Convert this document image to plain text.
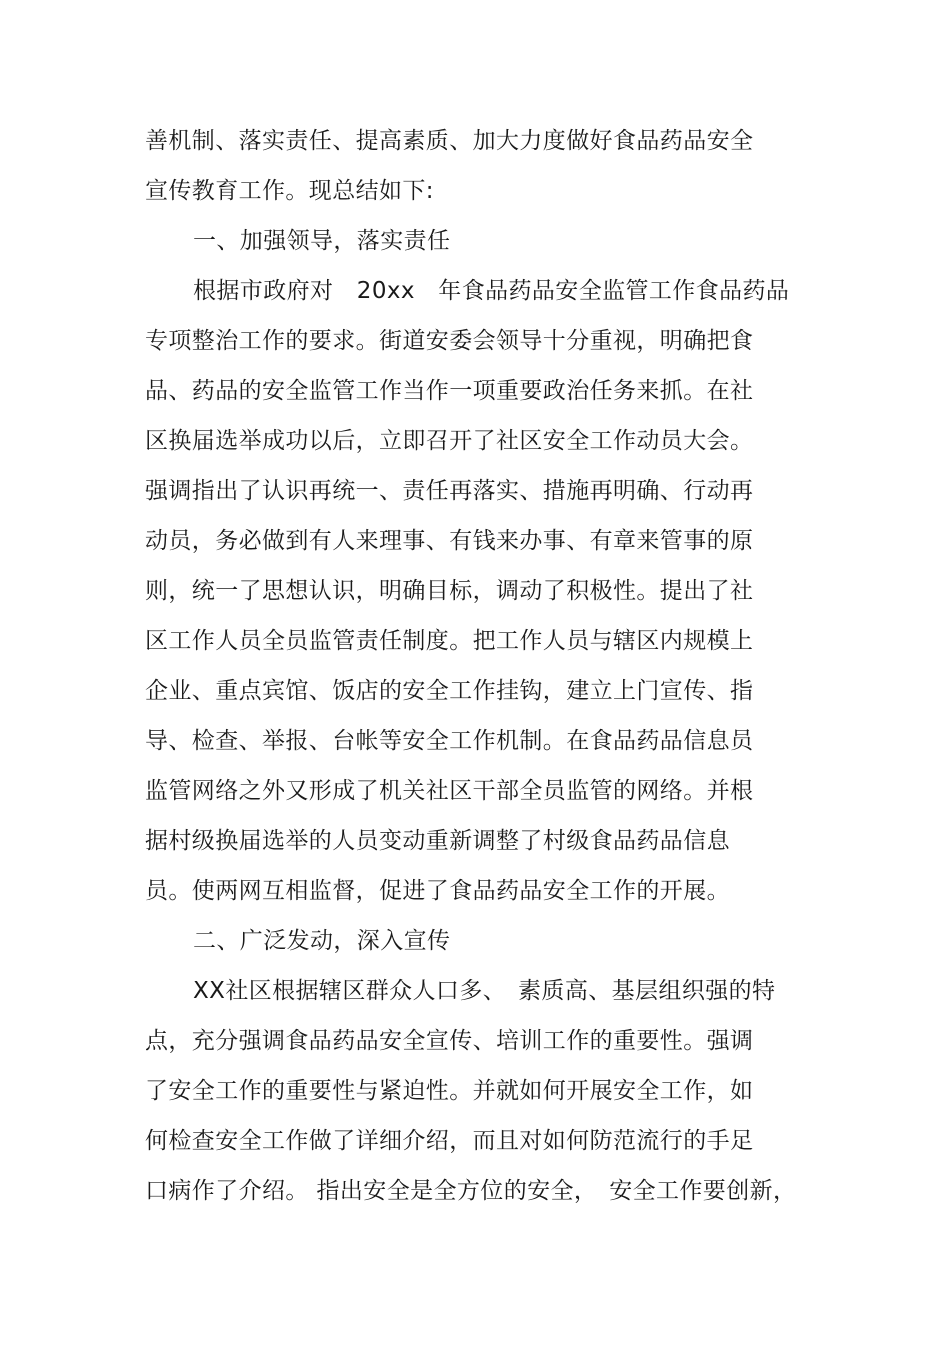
善机制、落实责任、提高素质、加大力度做好食品药品安全

宣传教育工作。现总结如下:

一、加强领导，落实责任

根据市政府对　20xx　年食品药品安全监管工作食品药品

专项整治工作的要求。街道安委会领导十分重视，明确把食

品、药品的安全监管工作当作一项重要政治任务来抓。在社

区换届选举成功以后，立即召开了社区安全工作动员大会。

强调指出了认识再统一、责任再落实、措施再明确、行动再

动员，务必做到有人来理事、有钱来办事、有章来管事的原

则，统一了思想认识，明确目标，调动了积极性。提出了社

区工作人员全员监管责任制度。把工作人员与辖区内规模上

企业、重点宾馆、饭店的安全工作挂钩，建立上门宣传、指

导、检查、举报、台帐等安全工作机制。在食品药品信息员

监管网络之外又形成了机关社区干部全员监管的网络。并根

据村级换届选举的人员变动重新调整了村级食品药品信息

员。使两网互相监督，促进了食品药品安全工作的开展。

二、广泛发动，深入宣传

XX社区根据辖区群众人口多、　素质高、基层组织强的特

点，充分强调食品药品安全宣传、培训工作的重要性。强调

了安全工作的重要性与紧迫性。并就如何开展安全工作，如

何检查安全工作做了详细介绍，而且对如何防范流行的手足

口病作了介绍。 指出安全是全方位的安全，　安全工作要创新，
